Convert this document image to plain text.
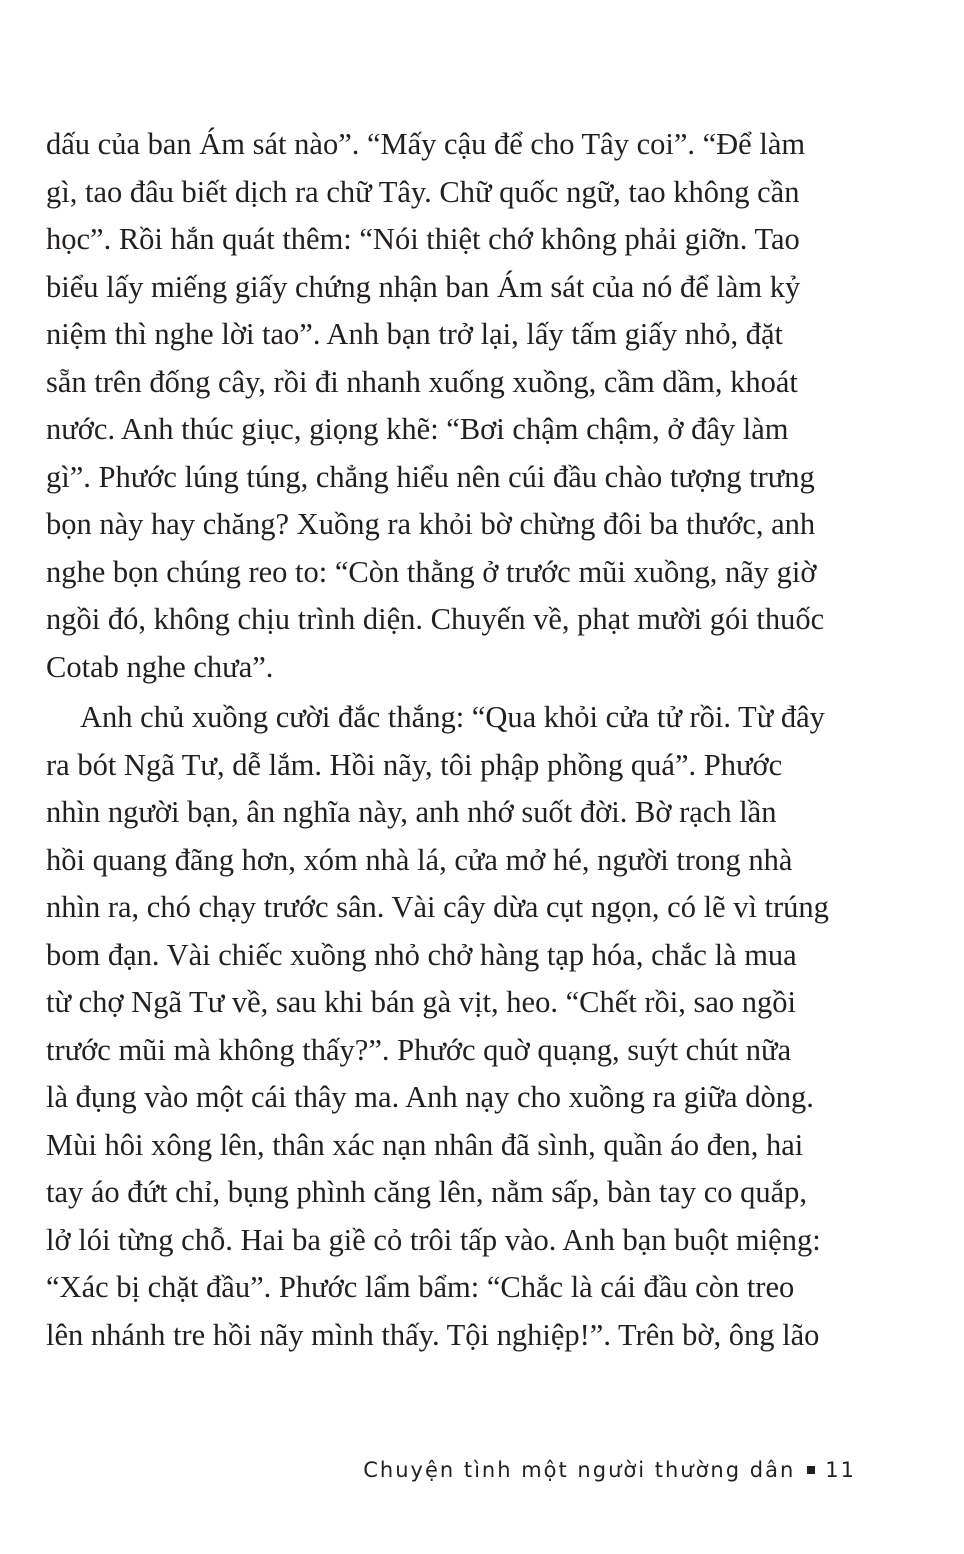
dấu của ban Ám sát nào”. “Mấy cậu để cho Tây coi”. “Để làm
gì, tao đâu biết dịch ra chữ Tây. Chữ quốc ngữ, tao không cần
học”. Rồi hắn quát thêm: “Nói thiệt chớ không phải giỡn. Tao
biểu lấy miếng giấy chứng nhận ban Ám sát của nó để làm kỷ
niệm thì nghe lời tao”. Anh bạn trở lại, lấy tấm giấy nhỏ, đặt
sẵn trên đống cây, rồi đi nhanh xuống xuồng, cầm dầm, khoát
nước. Anh thúc giục, giọng khẽ: “Bơi chậm chậm, ở đây làm
gì”. Phước lúng túng, chẳng hiểu nên cúi đầu chào tượng trưng
bọn này hay chăng? Xuồng ra khỏi bờ chừng đôi ba thước, anh
nghe bọn chúng reo to: “Còn thằng ở trước mũi xuồng, nãy giờ
ngồi đó, không chịu trình diện. Chuyến về, phạt mười gói thuốc
Cotab nghe chưa”.
Anh chủ xuồng cười đắc thắng: “Qua khỏi cửa tử rồi. Từ đây
ra bót Ngã Tư, dễ lắm. Hồi nãy, tôi phập phồng quá”. Phước
nhìn người bạn, ân nghĩa này, anh nhớ suốt đời. Bờ rạch lần
hồi quang đãng hơn, xóm nhà lá, cửa mở hé, người trong nhà
nhìn ra, chó chạy trước sân. Vài cây dừa cụt ngọn, có lẽ vì trúng
bom đạn. Vài chiếc xuồng nhỏ chở hàng tạp hóa, chắc là mua
từ chợ Ngã Tư về, sau khi bán gà vịt, heo. “Chết rồi, sao ngồi
trước mũi mà không thấy?”. Phước quờ quạng, suýt chút nữa
là đụng vào một cái thây ma. Anh nạy cho xuồng ra giữa dòng.
Mùi hôi xông lên, thân xác nạn nhân đã sình, quần áo đen, hai
tay áo đứt chỉ, bụng phình căng lên, nằm sấp, bàn tay co quắp,
lở lói từng chỗ. Hai ba giề cỏ trôi tấp vào. Anh bạn buột miệng:
“Xác bị chặt đầu”. Phước lẩm bẩm: “Chắc là cái đầu còn treo
lên nhánh tre hồi nãy mình thấy. Tội nghiệp!”. Trên bờ, ông lão
Chuyện tình một người thường dân 11
